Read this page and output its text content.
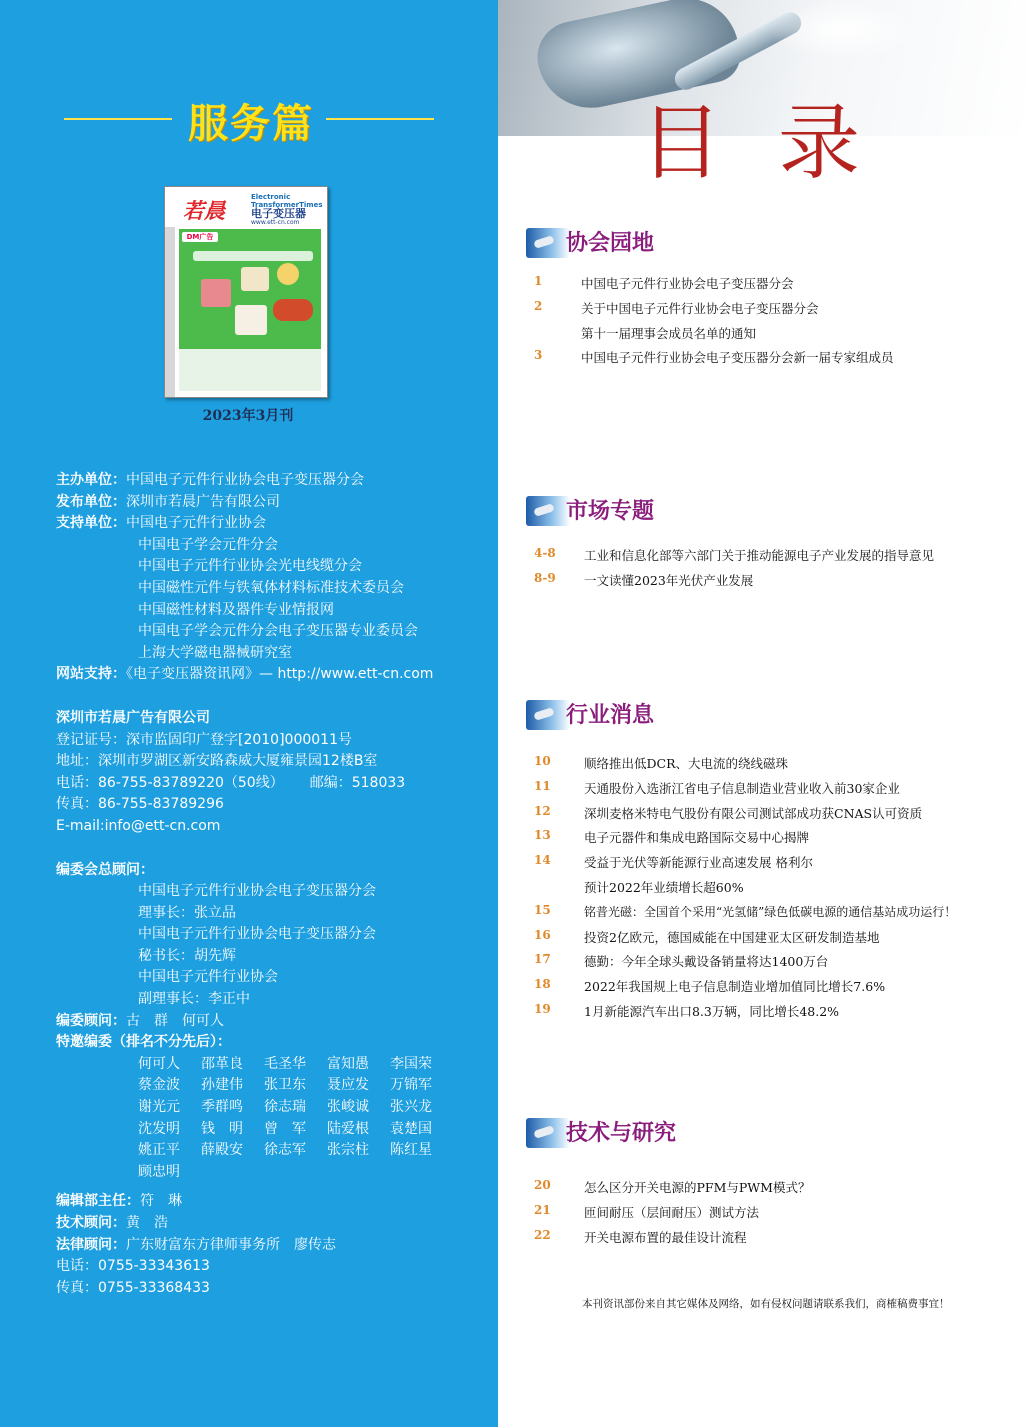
服务篇
若晨
Electronic TransformerTimes
电子变压器
www.ett-cn.com
DM广告
2023年3月刊
主办单位：中国电子元件行业协会电子变压器分会
发布单位：深圳市若晨广告有限公司
支持单位：中国电子元件行业协会
中国电子学会元件分会
中国电子元件行业协会光电线缆分会
中国磁性元件与铁氧体材料标准技术委员会
中国磁性材料及器件专业情报网
中国电子学会元件分会电子变压器专业委员会
上海大学磁电器械研究室
网站支持：《电子变压器资讯网》— http://www.ett-cn.com
深圳市若晨广告有限公司
登记证号：深市监固印广登字[2010]000011号
地址：深圳市罗湖区新安路森威大厦雍景园12楼B室
电话：86-755-83789220（50线） 邮编：518033
传真：86-755-83789296
E-mail:info@ett-cn.com
编委会总顾问：
中国电子元件行业协会电子变压器分会
理事长：张立品
中国电子元件行业协会电子变压器分会
秘书长：胡先辉
中国电子元件行业协会
副理事长：李正中
编委顾问：古　群　何可人
特邀编委（排名不分先后）：
何可人 邵革良 毛圣华 富知愚 李国荣
蔡金波 孙建伟 张卫东 聂应发 万锦军
谢光元 季群鸣 徐志瑞 张峻诚 张兴龙
沈发明 钱　明 曾　军 陆爱根 袁楚国
姚正平 薛殿安 徐志军 张宗柱 陈红星
顾忠明
编辑部主任：符　琳
技术顾问：黄　浩
法律顾问：广东财富东方律师事务所　廖传志
电话：0755-33343613
传真：0755-33368433
目录
协会园地
1	中国电子元件行业协会电子变压器分会
2	关于中国电子元件行业协会电子变压器分会
第十一届理事会成员名单的通知
3	中国电子元件行业协会电子变压器分会新一届专家组成员
市场专题
4-8 工业和信息化部等六部门关于推动能源电子产业发展的指导意见
8-9 一文读懂2023年光伏产业发展
行业消息
10	顺络推出低DCR、大电流的绕线磁珠
11	天通股份入选浙江省电子信息制造业营业收入前30家企业
12	深圳麦格米特电气股份有限公司测试部成功获CNAS认可资质
13	电子元器件和集成电路国际交易中心揭牌
14	受益于光伏等新能源行业高速发展 格利尔
预计2022年业绩增长超60%
15	铭普光磁：全国首个采用“光氢储”绿色低碳电源的通信基站成功运行！
16	投资2亿欧元，德国威能在中国建亚太区研发制造基地
17	德勤：今年全球头戴设备销量将达1400万台
18	2022年我国规上电子信息制造业增加值同比增长7.6%
19	1月新能源汽车出口8.3万辆，同比增长48.2%
技术与研究
20	怎么区分开关电源的PFM与PWM模式？
21	匝间耐压（层间耐压）测试方法
22	开关电源布置的最佳设计流程
本刊资讯部份来自其它媒体及网络，如有侵权问题请联系我们，商榷稿费事宜！
